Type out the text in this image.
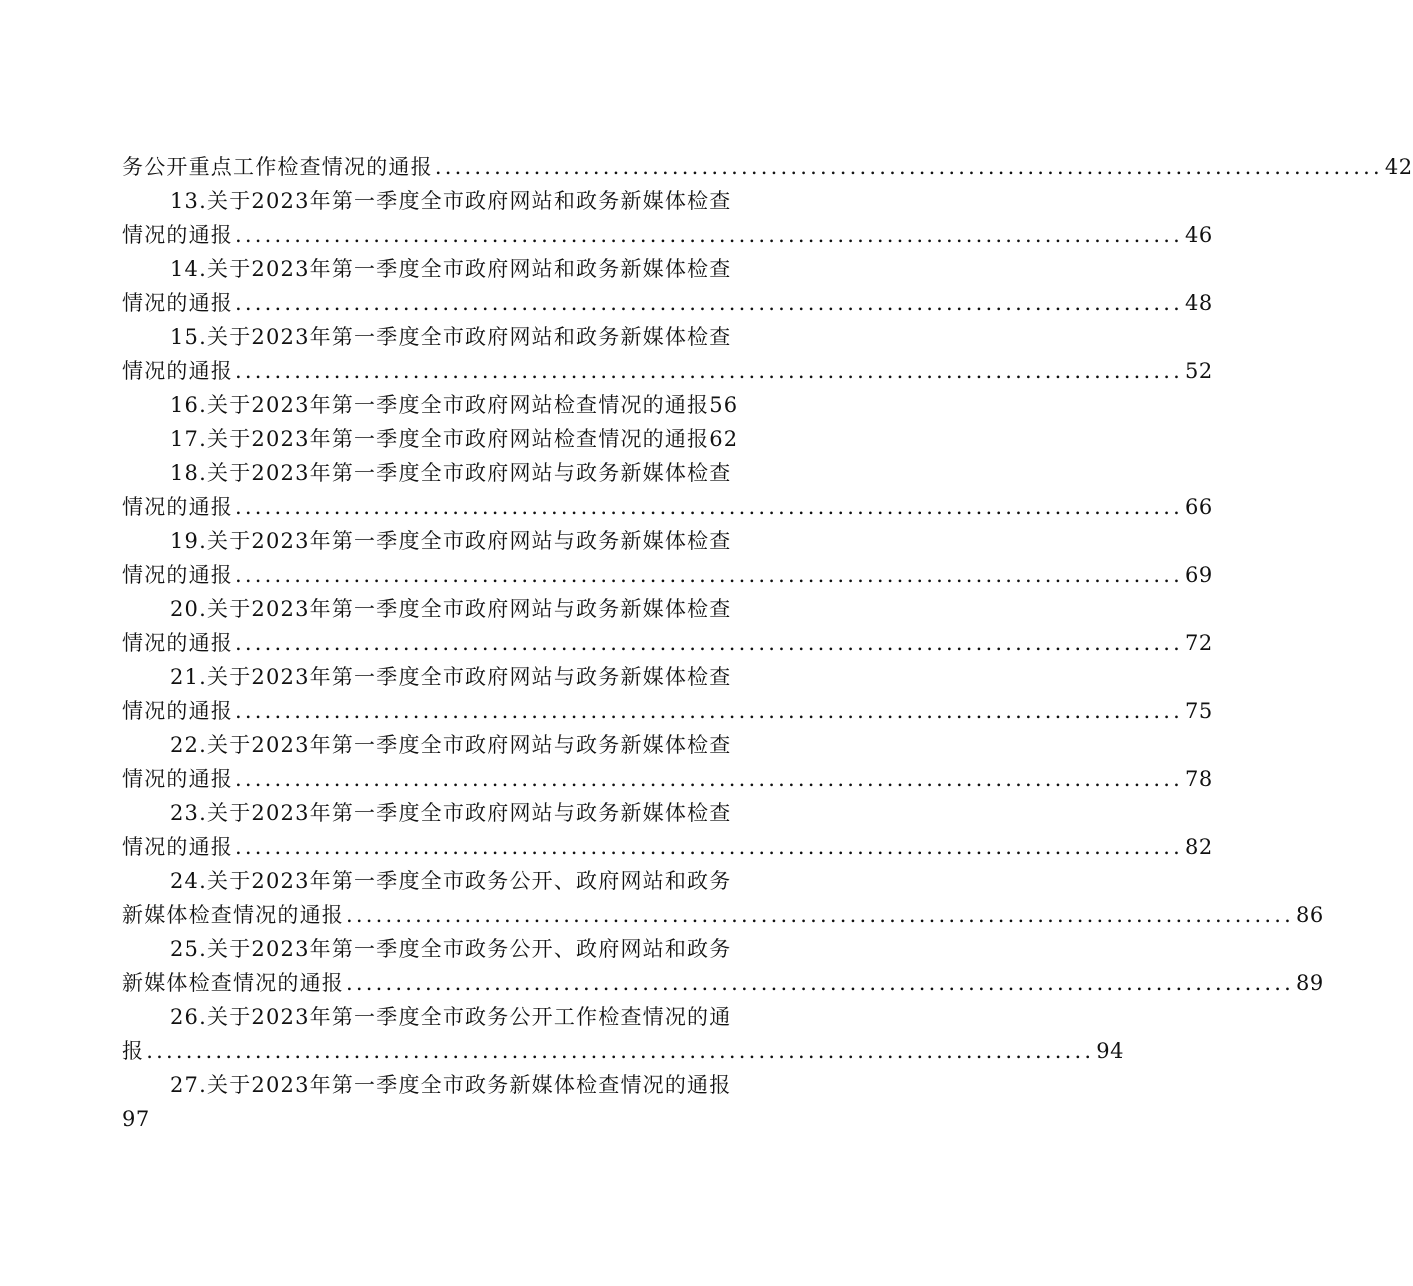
务公开重点工作检查情况的通报 ................................................................................................ 42
13.关于2023年第一季度全市政府网站和政务新媒体检查
情况的通报 ................................................................................................ 46
14.关于2023年第一季度全市政府网站和政务新媒体检查
情况的通报 ................................................................................................ 48
15.关于2023年第一季度全市政府网站和政务新媒体检查
情况的通报 ................................................................................................ 52
16.关于2023年第一季度全市政府网站检查情况的通报56
17.关于2023年第一季度全市政府网站检查情况的通报62
18.关于2023年第一季度全市政府网站与政务新媒体检查
情况的通报 ................................................................................................ 66
19.关于2023年第一季度全市政府网站与政务新媒体检查
情况的通报 ................................................................................................ 69
20.关于2023年第一季度全市政府网站与政务新媒体检查
情况的通报 ................................................................................................ 72
21.关于2023年第一季度全市政府网站与政务新媒体检查
情况的通报 ................................................................................................ 75
22.关于2023年第一季度全市政府网站与政务新媒体检查
情况的通报 ................................................................................................ 78
23.关于2023年第一季度全市政府网站与政务新媒体检查
情况的通报 ................................................................................................ 82
24.关于2023年第一季度全市政务公开、政府网站和政务
新媒体检查情况的通报 ................................................................................................ 86
25.关于2023年第一季度全市政务公开、政府网站和政务
新媒体检查情况的通报 ................................................................................................ 89
26.关于2023年第一季度全市政务公开工作检查情况的通
报 ................................................................................................ 94
27.关于2023年第一季度全市政务新媒体检查情况的通报
97
